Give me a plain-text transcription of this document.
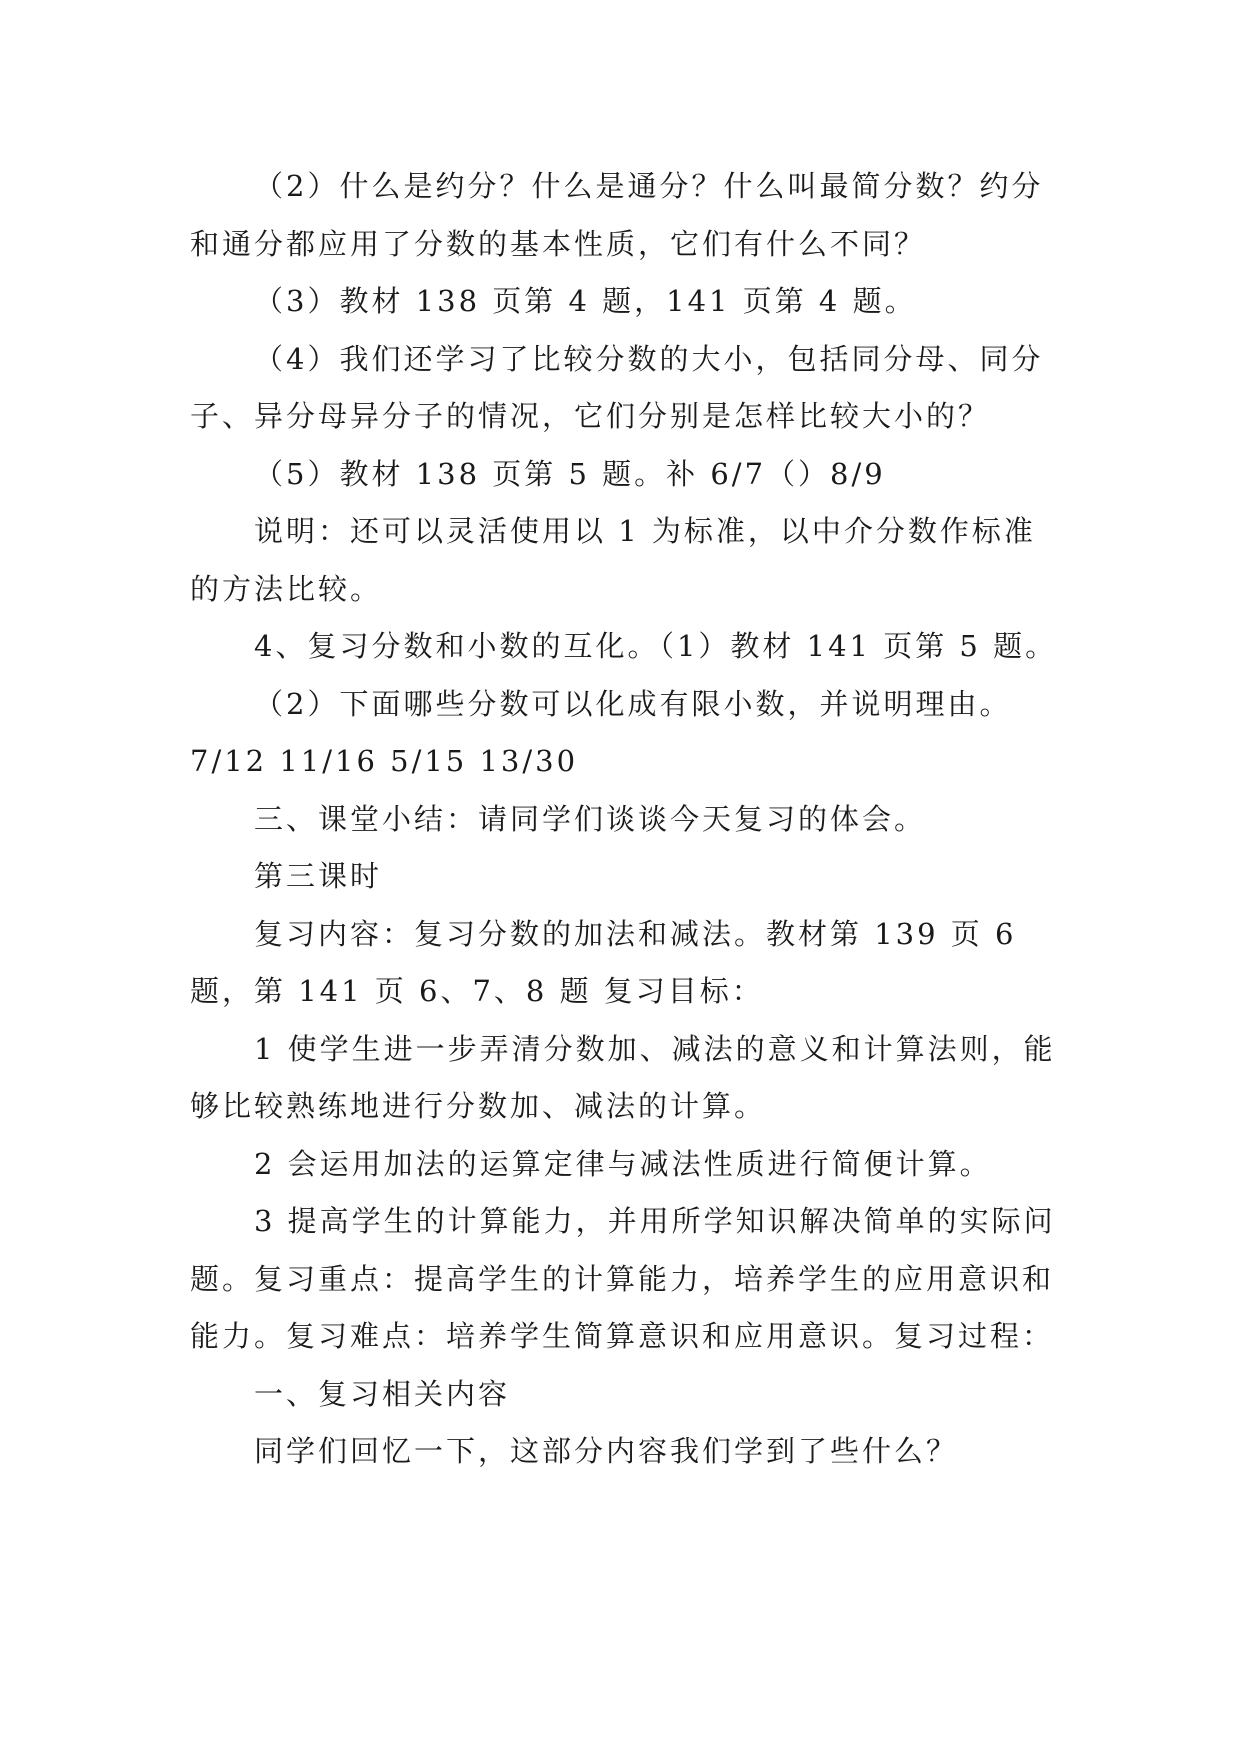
（2）什么是约分？什么是通分？什么叫最简分数？约分和通分都应用了分数的基本性质，它们有什么不同？

（3）教材 138 页第 4 题，141 页第 4 题。

（4）我们还学习了比较分数的大小，包括同分母、同分子、异分母异分子的情况，它们分别是怎样比较大小的？

（5）教材 138 页第 5 题。补 6/7（）8/9

说明：还可以灵活使用以 1 为标准，以中介分数作标准的方法比较。

4、复习分数和小数的互化。（1）教材 141 页第 5 题。

（2）下面哪些分数可以化成有限小数，并说明理由。

7/12 11/16 5/15 13/30

三、课堂小结：请同学们谈谈今天复习的体会。

第三课时

复习内容：复习分数的加法和减法。教材第 139 页 6 题，第 141 页 6、7、8 题 复习目标：

1 使学生进一步弄清分数加、减法的意义和计算法则，能够比较熟练地进行分数加、减法的计算。

2 会运用加法的运算定律与减法性质进行简便计算。

3 提高学生的计算能力，并用所学知识解决简单的实际问题。复习重点：提高学生的计算能力，培养学生的应用意识和能力。复习难点：培养学生简算意识和应用意识。复习过程：

一、复习相关内容

同学们回忆一下，这部分内容我们学到了些什么？
